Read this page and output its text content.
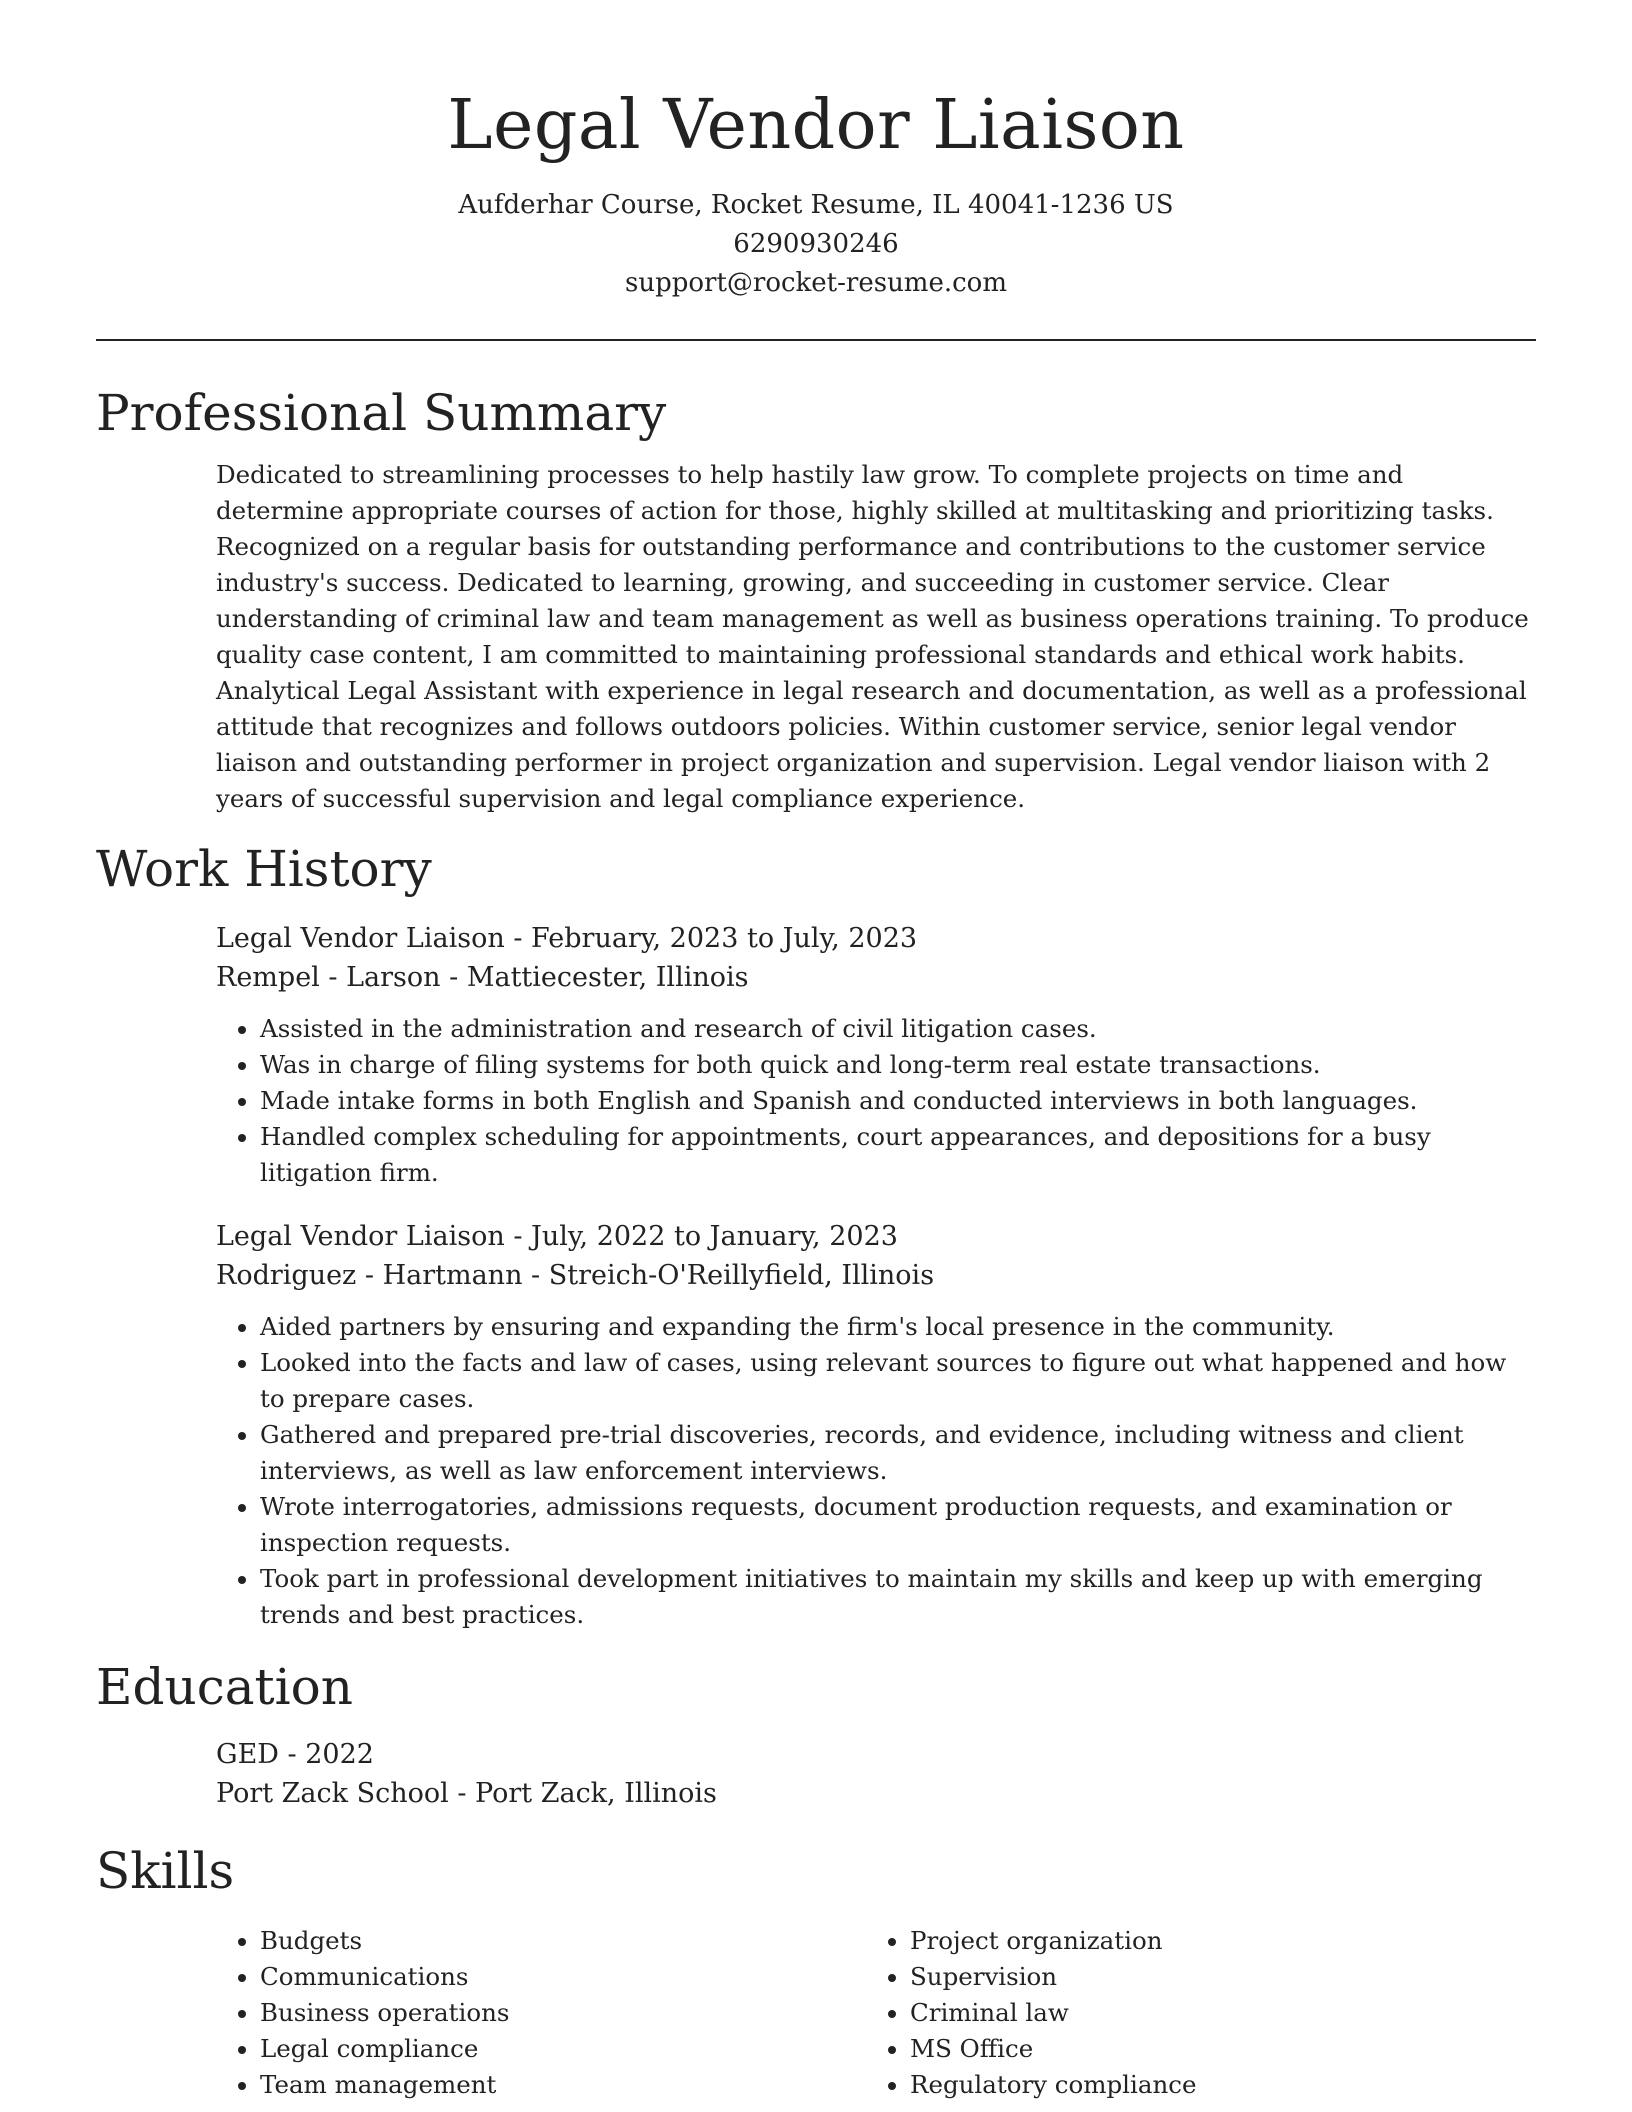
Legal Vendor Liaison
Aufderhar Course, Rocket Resume, IL 40041-1236 US
6290930246
support@rocket-resume.com
Professional Summary
Dedicated to streamlining processes to help hastily law grow. To complete projects on time and determine appropriate courses of action for those, highly skilled at multitasking and prioritizing tasks. Recognized on a regular basis for outstanding performance and contributions to the customer service industry's success. Dedicated to learning, growing, and succeeding in customer service. Clear understanding of criminal law and team management as well as business operations training. To produce quality case content, I am committed to maintaining professional standards and ethical work habits. Analytical Legal Assistant with experience in legal research and documentation, as well as a professional attitude that recognizes and follows outdoors policies. Within customer service, senior legal vendor liaison and outstanding performer in project organization and supervision. Legal vendor liaison with 2 years of successful supervision and legal compliance experience.
Work History
Legal Vendor Liaison - February, 2023 to July, 2023
Rempel - Larson - Mattiecester, Illinois
• Assisted in the administration and research of civil litigation cases.
• Was in charge of filing systems for both quick and long-term real estate transactions.
• Made intake forms in both English and Spanish and conducted interviews in both languages.
• Handled complex scheduling for appointments, court appearances, and depositions for a busy litigation firm.
Legal Vendor Liaison - July, 2022 to January, 2023
Rodriguez - Hartmann - Streich-O'Reillyfield, Illinois
• Aided partners by ensuring and expanding the firm's local presence in the community.
• Looked into the facts and law of cases, using relevant sources to figure out what happened and how to prepare cases.
• Gathered and prepared pre-trial discoveries, records, and evidence, including witness and client interviews, as well as law enforcement interviews.
• Wrote interrogatories, admissions requests, document production requests, and examination or inspection requests.
• Took part in professional development initiatives to maintain my skills and keep up with emerging trends and best practices.
Education
GED - 2022
Port Zack School - Port Zack, Illinois
Skills
• Budgets
• Communications
• Business operations
• Legal compliance
• Team management
• Project organization
• Supervision
• Criminal law
• MS Office
• Regulatory compliance
